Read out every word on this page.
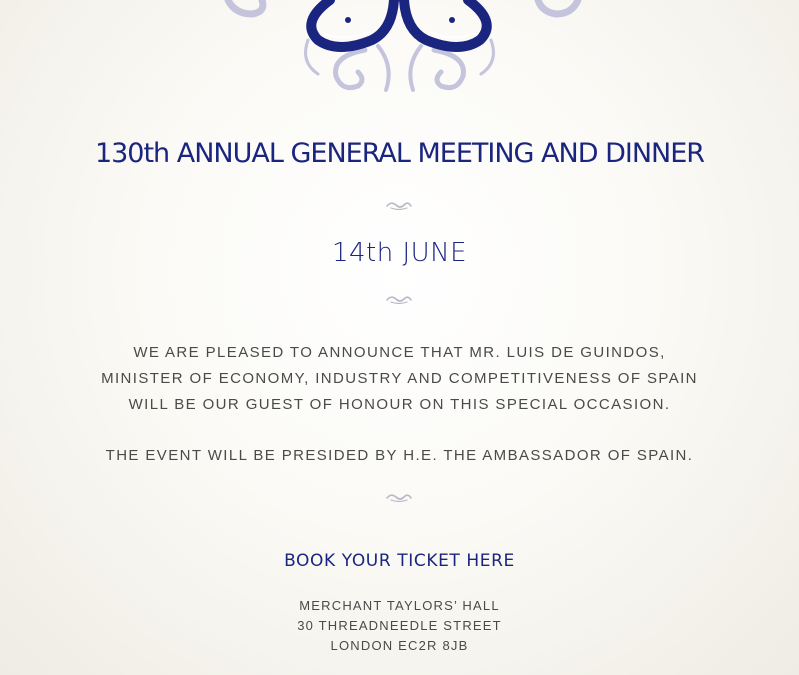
130th ANNUAL GENERAL MEETING AND DINNER
14th JUNE

WE ARE PLEASED TO ANNOUNCE THAT MR. LUIS DE GUINDOS,

MINISTER OF ECONOMY, INDUSTRY AND COMPETITIVENESS OF SPAIN

WILL BE OUR GUEST OF HONOUR ON THIS SPECIAL OCCASION.

THE EVENT WILL BE PRESIDED BY H.E. THE AMBASSADOR OF SPAIN.
BOOK YOUR TICKET HERE
MERCHANT TAYLORS’ HALL
30 THREADNEEDLE STREET
LONDON EC2R 8JB
